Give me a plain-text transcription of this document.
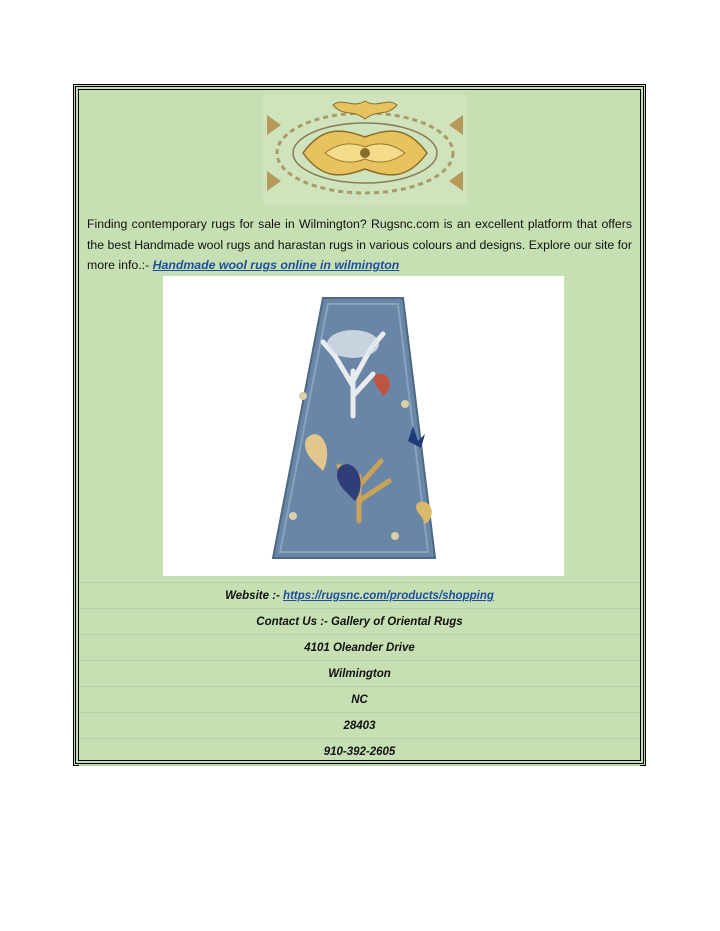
Finding contemporary rugs for sale in Wilmington? Rugsnc.com is an excellent platform that offers the best Handmade wool rugs and harastan rugs in various colours and designs. Explore our site for more info.:- Handmade wool rugs online in wilmington
Website :- https://rugsnc.com/products/shopping
Contact Us :- Gallery of Oriental Rugs
4101 Oleander Drive
Wilmington
NC
28403
910-392-2605
